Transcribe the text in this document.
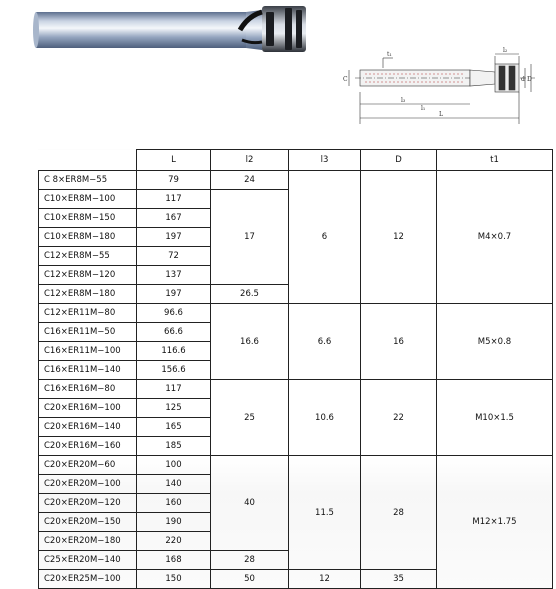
C	d D
l₃
l₂
l₁
L
t₁
	L	l2	l3	D	t1
C 8×ER8M−55	79	24	6	12	M4×0.7
C10×ER8M−100	117	17			
C10×ER8M−150	167				
C10×ER8M−180	197				
C12×ER8M−55	72				
C12×ER8M−120	137				
C12×ER8M−180	197	26.5			
C12×ER11M−80	96.6	16.6	6.6	16	M5×0.8
C16×ER11M−50	66.6				
C16×ER11M−100	116.6				
C16×ER11M−140	156.6				
C16×ER16M−80	117	25	10.6	22	M10×1.5
C20×ER16M−100	125				
C20×ER16M−140	165				
C20×ER16M−160	185				
C20×ER20M−60	100	40	11.5	28	M12×1.75
C20×ER20M−100	140				
C20×ER20M−120	160				
C20×ER20M−150	190				
C20×ER20M−180	220				
C25×ER20M−140	168	28			
C20×ER25M−100	150	50	12	35	
